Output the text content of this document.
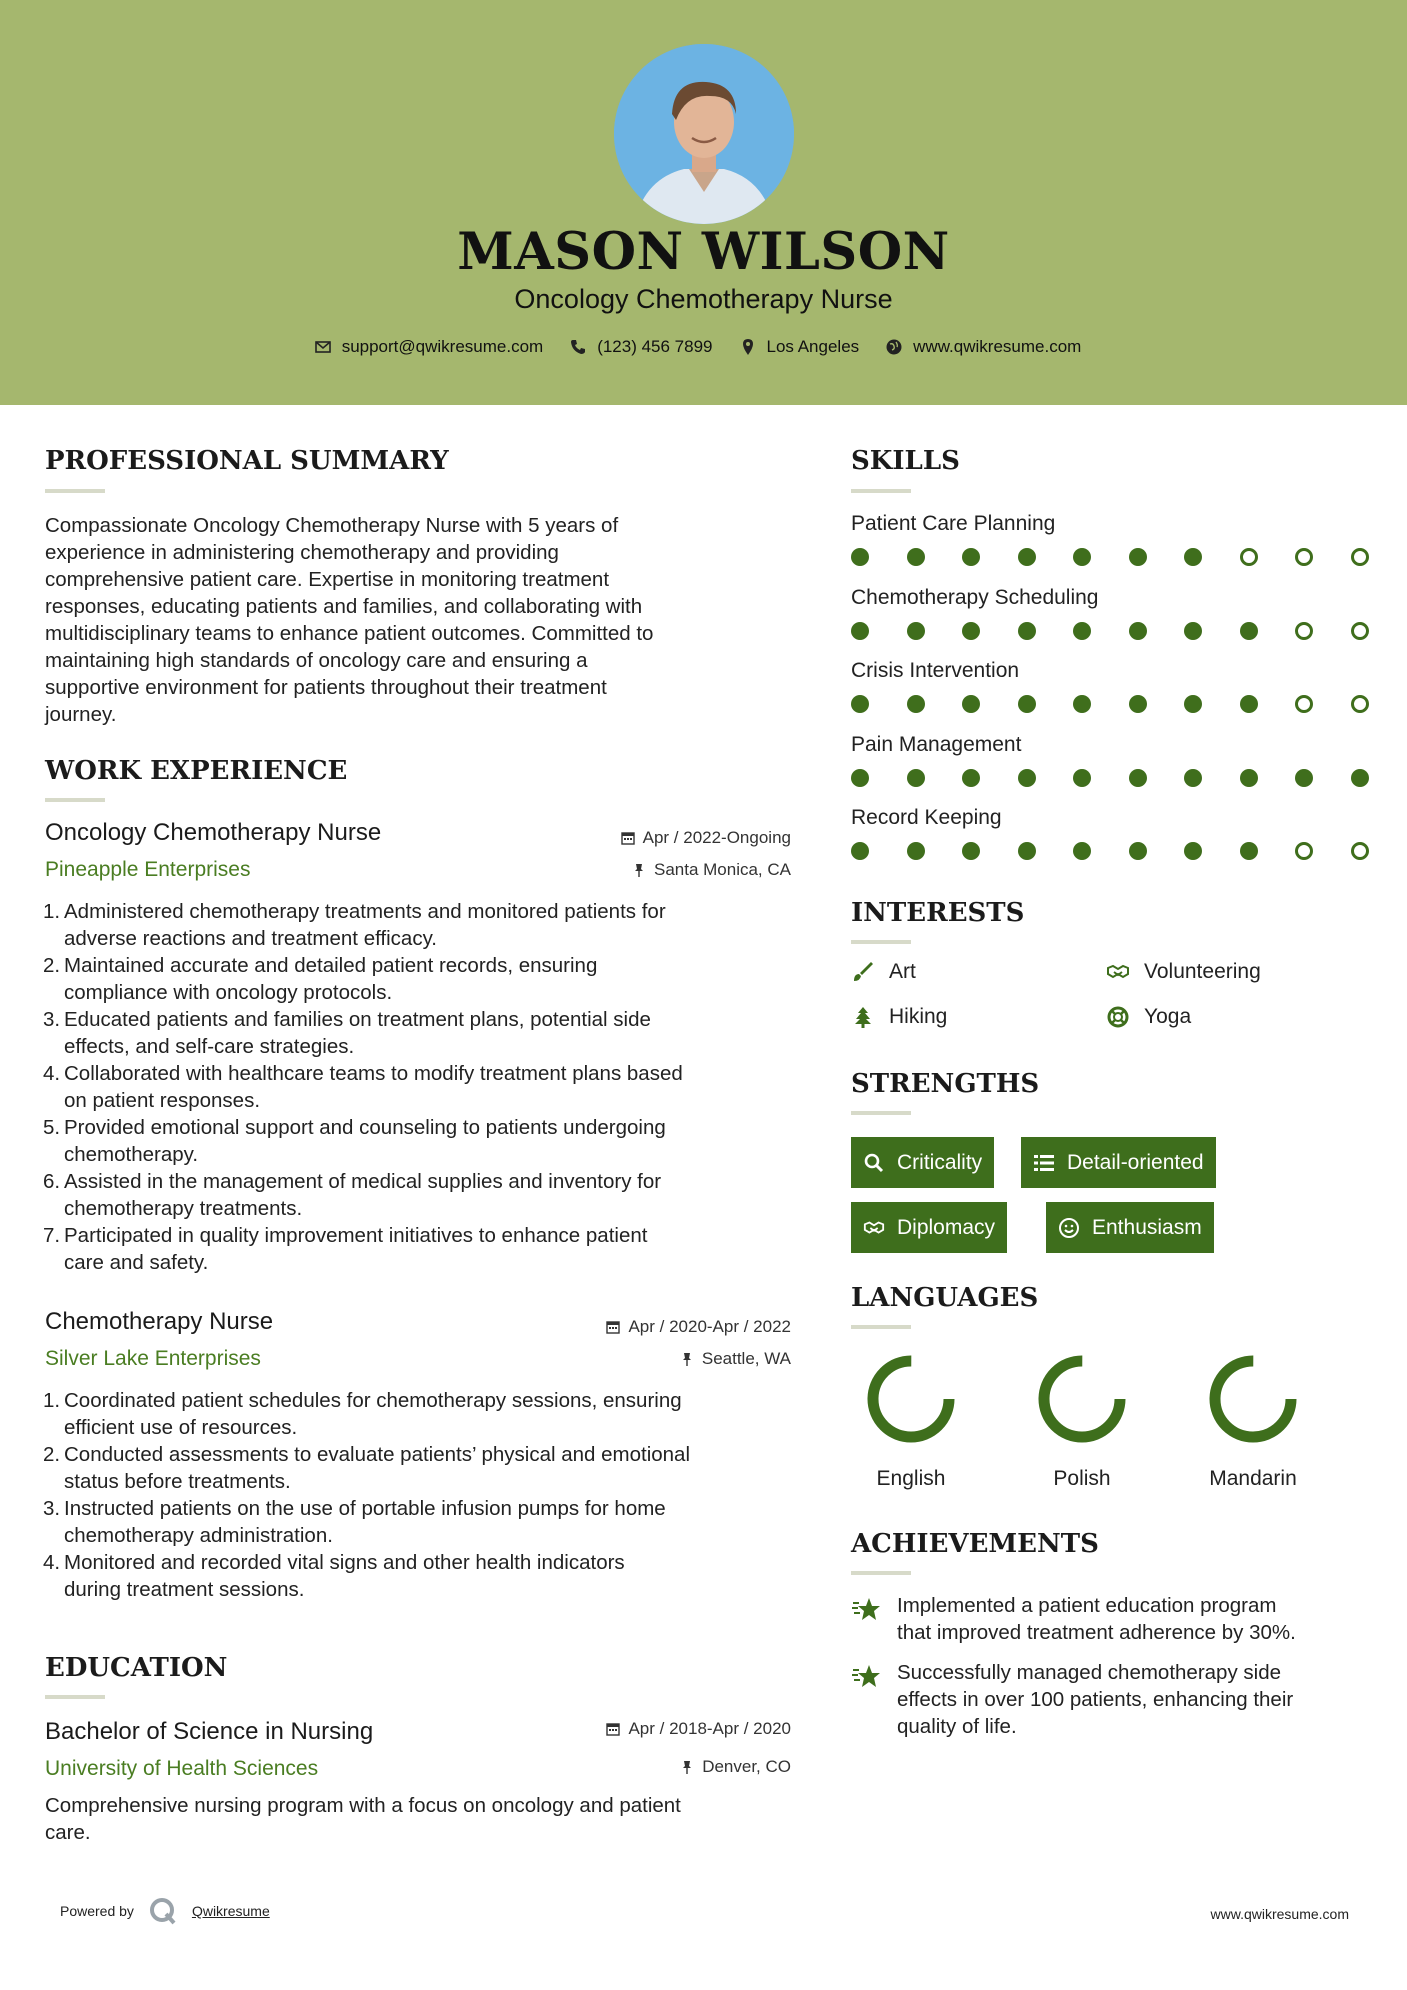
MASON WILSON
Oncology Chemotherapy Nurse
support@qwikresume.com	(123) 456 7899	Los Angeles	www.qwikresume.com
PROFESSIONAL SUMMARY
Compassionate Oncology Chemotherapy Nurse with 5 years of
experience in administering chemotherapy and providing
comprehensive patient care. Expertise in monitoring treatment
responses, educating patients and families, and collaborating with
multidisciplinary teams to enhance patient outcomes. Committed to
maintaining high standards of oncology care and ensuring a
supportive environment for patients throughout their treatment
journey.
WORK EXPERIENCE
Oncology Chemotherapy Nurse
Pineapple Enterprises
Apr / 2022-Ongoing
Santa Monica, CA
1. Administered chemotherapy treatments and monitored patients for
adverse reactions and treatment efficacy.
2. Maintained accurate and detailed patient records, ensuring
compliance with oncology protocols.
3. Educated patients and families on treatment plans, potential side
effects, and self-care strategies.
4. Collaborated with healthcare teams to modify treatment plans based
on patient responses.
5. Provided emotional support and counseling to patients undergoing
chemotherapy.
6. Assisted in the management of medical supplies and inventory for
chemotherapy treatments.
7. Participated in quality improvement initiatives to enhance patient
care and safety.
Chemotherapy Nurse
Silver Lake Enterprises
Apr / 2020-Apr / 2022
Seattle, WA
1. Coordinated patient schedules for chemotherapy sessions, ensuring
efficient use of resources.
2. Conducted assessments to evaluate patients’ physical and emotional
status before treatments.
3. Instructed patients on the use of portable infusion pumps for home
chemotherapy administration.
4. Monitored and recorded vital signs and other health indicators
during treatment sessions.
EDUCATION
Bachelor of Science in Nursing
University of Health Sciences
Apr / 2018-Apr / 2020
Denver, CO
Comprehensive nursing program with a focus on oncology and patient
care.
SKILLS
Patient Care Planning
Chemotherapy Scheduling
Crisis Intervention
Pain Management
Record Keeping
INTERESTS
Art	Volunteering
Hiking	Yoga
STRENGTHS
Criticality	Detail-oriented
Diplomacy	Enthusiasm
LANGUAGES
English	Polish	Mandarin
ACHIEVEMENTS
Implemented a patient education program
that improved treatment adherence by 30%.
Successfully managed chemotherapy side
effects in over 100 patients, enhancing their
quality of life.
Powered by	Qwikresume	www.qwikresume.com
